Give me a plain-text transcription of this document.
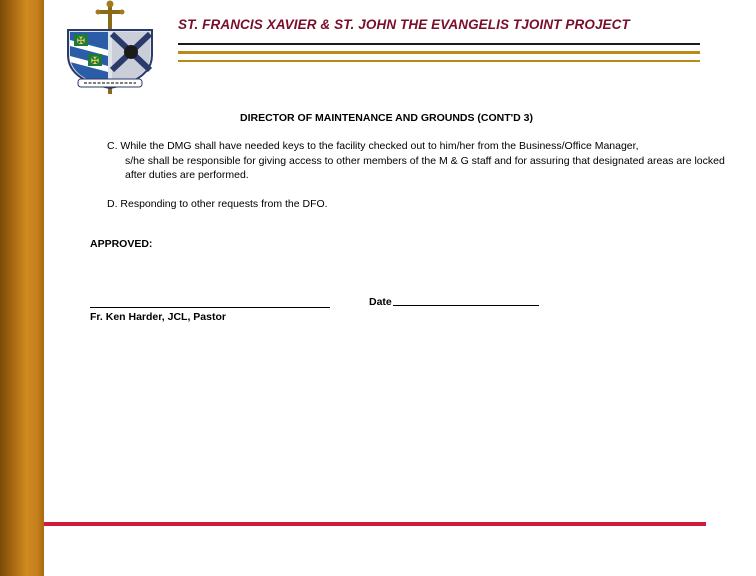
✠
✠
ST. FRANCIS XAVIER & ST. JOHN THE EVANGELIS TJOINT PROJECT
DIRECTOR OF MAINTENANCE AND GROUNDS (CONT'D 3)
C. While the DMG shall have needed keys to the facility checked out to him/her from the Business/Office Manager,
s/he shall be responsible for giving access to other members of the M & G staff and for assuring that designated areas are locked after duties are performed.
D. Responding to other requests from the DFO.
APPROVED:
Fr. Ken Harder, JCL, Pastor
Date
